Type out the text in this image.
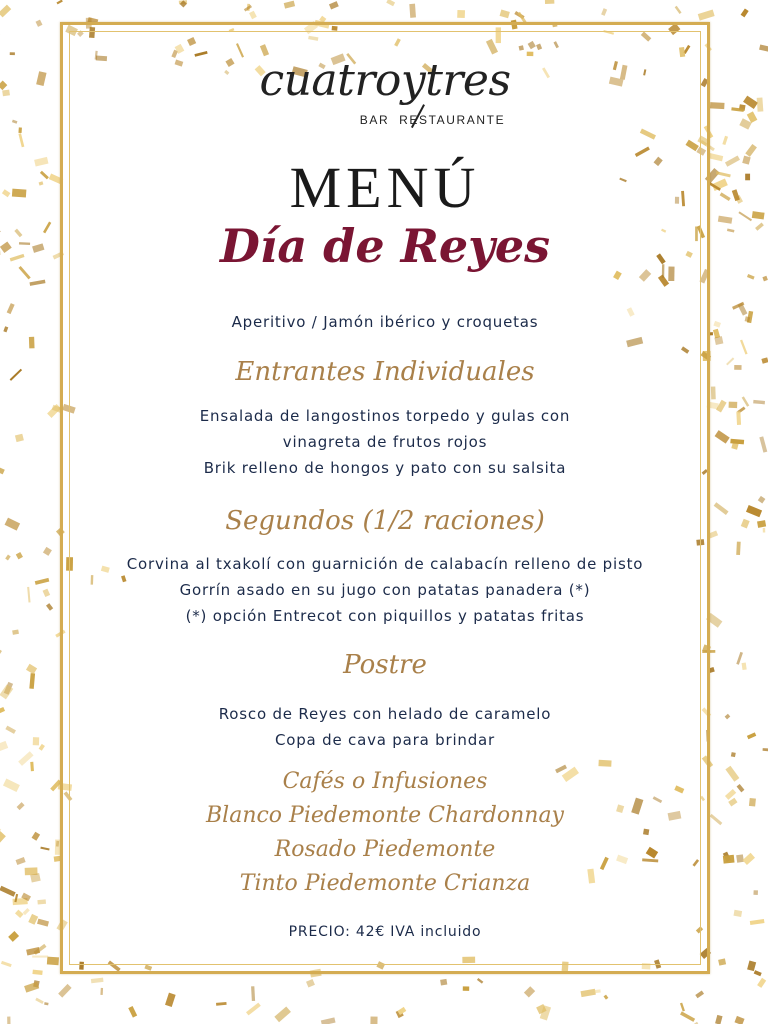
cuatroytres
BAR RESTAURANTE
MENÚ
Día de Reyes
Aperitivo / Jamón ibérico y croquetas
Entrantes Individuales
Ensalada de langostinos torpedo y gulas con
vinagreta de frutos rojos
Brik relleno de hongos y pato con su salsita
Segundos (1/2 raciones)
Corvina al txakolí con guarnición de calabacín relleno de pisto
Gorrín asado en su jugo con patatas panadera (*)
(*) opción Entrecot con piquillos y patatas fritas
Postre
Rosco de Reyes con helado de caramelo
Copa de cava para brindar
Cafés o Infusiones
Blanco Piedemonte Chardonnay
Rosado Piedemonte
Tinto Piedemonte Crianza
PRECIO: 42€ IVA incluido
